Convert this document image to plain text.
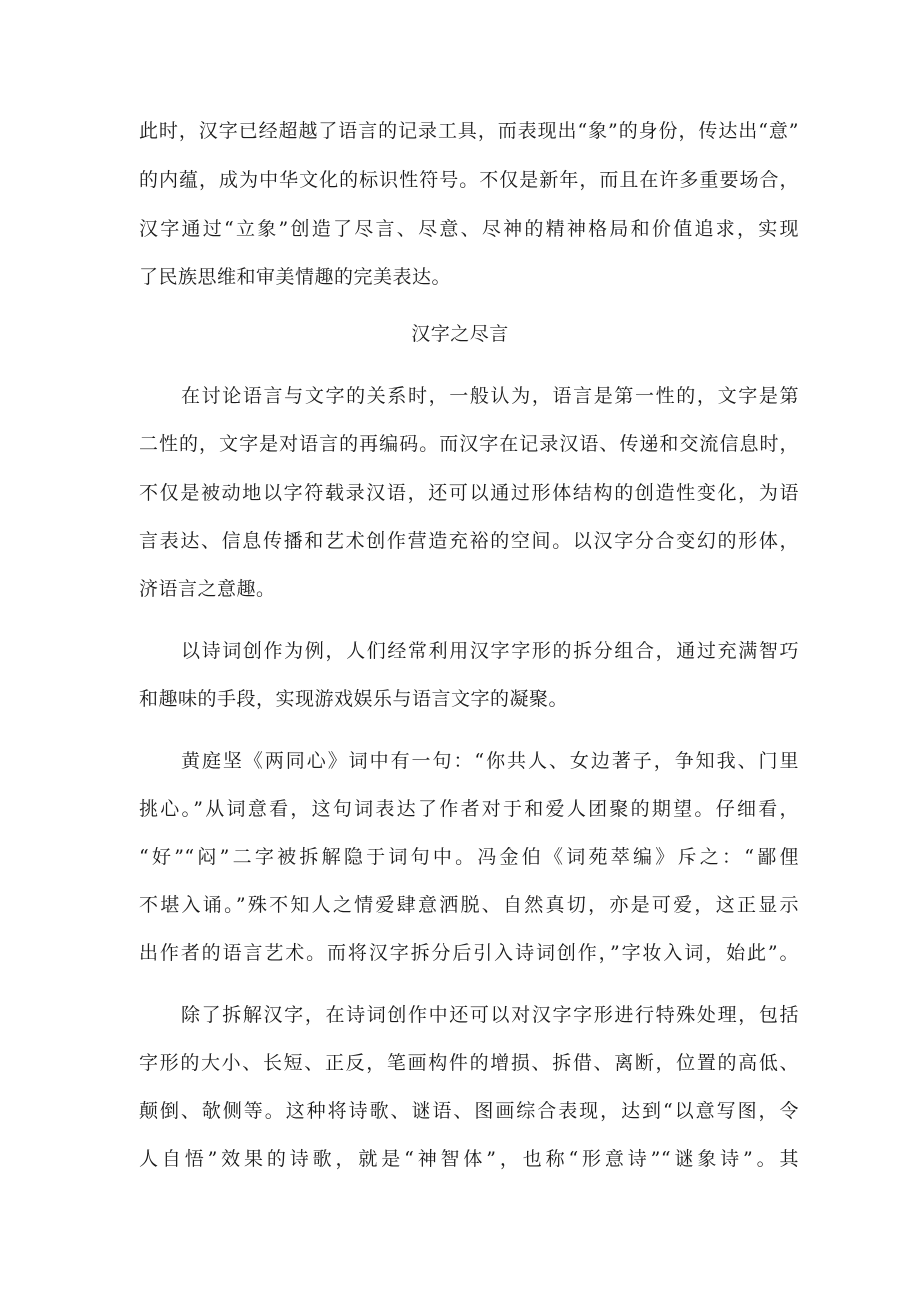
此时，汉字已经超越了语言的记录工具，而表现出“象”的身份，传达出“意”
的内蕴，成为中华文化的标识性符号。不仅是新年，而且在许多重要场合，
汉字通过“立象”创造了尽言、尽意、尽神的精神格局和价值追求，实现
了民族思维和审美情趣的完美表达。
汉字之尽言
在讨论语言与文字的关系时，一般认为，语言是第一性的，文字是第
二性的，文字是对语言的再编码。而汉字在记录汉语、传递和交流信息时，
不仅是被动地以字符载录汉语，还可以通过形体结构的创造性变化，为语
言表达、信息传播和艺术创作营造充裕的空间。以汉字分合变幻的形体，
济语言之意趣。
以诗词创作为例，人们经常利用汉字字形的拆分组合，通过充满智巧
和趣味的手段，实现游戏娱乐与语言文字的凝聚。
黄庭坚《两同心》词中有一句：“你共人、女边著子，争知我、门里
挑心。”从词意看，这句词表达了作者对于和爱人团聚的期望。仔细看，
“好”“闷”二字被拆解隐于词句中。冯金伯《词苑萃编》斥之：“鄙俚
不堪入诵。”殊不知人之情爱肆意洒脱、自然真切，亦是可爱，这正显示
出作者的语言艺术。而将汉字拆分后引入诗词创作，”字妆入词，始此”。
除了拆解汉字，在诗词创作中还可以对汉字字形进行特殊处理，包括
字形的大小、长短、正反，笔画构件的增损、拆借、离断，位置的高低、
颠倒、欹侧等。这种将诗歌、谜语、图画综合表现，达到“以意写图，令
人自悟”效果的诗歌，就是“神智体”，也称“形意诗”“谜象诗”。其
